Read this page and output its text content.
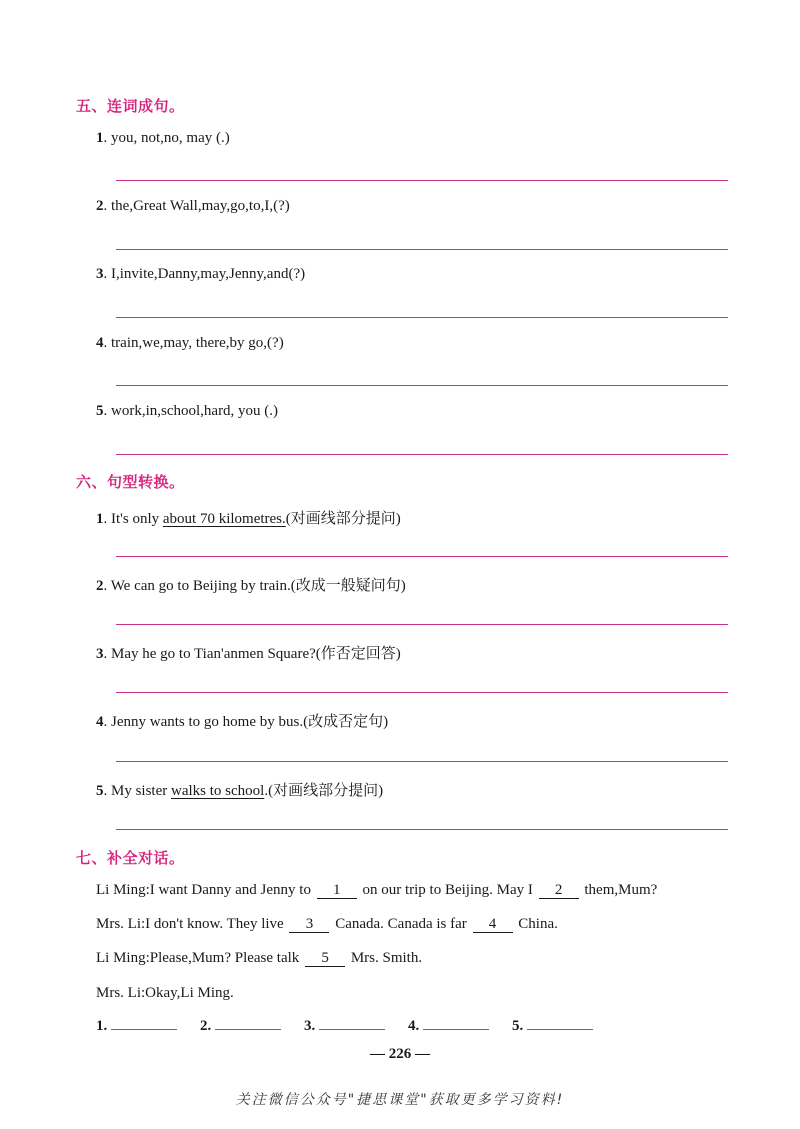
五、连词成句。
1. you, not,no, may (.)
2. the,Great Wall,may,go,to,I,(?)
3. I,invite,Danny,may,Jenny,and(?)
4. train,we,may, there,by go,(?)
5. work,in,school,hard, you (.)
六、句型转换。
1. It's only about 70 kilometres.(对画线部分提问)
2. We can go to Beijing by train.(改成一般疑问句)
3. May he go to Tian'anmen Square?(作否定回答)
4. Jenny wants to go home by bus.(改成否定句)
5. My sister walks to school.(对画线部分提问)
七、补全对话。
Li Ming:I want Danny and Jenny to 1 on our trip to Beijing. May I 2 them,Mum?
Mrs. Li:I don't know. They live 3 Canada. Canada is far 4 China.
Li Ming:Please,Mum? Please talk 5 Mrs. Smith.
Mrs. Li:Okay,Li Ming.
1.	2.	3.	4.	5.
— 226 —
关注微信公众号"捷思课堂"获取更多学习资料!
